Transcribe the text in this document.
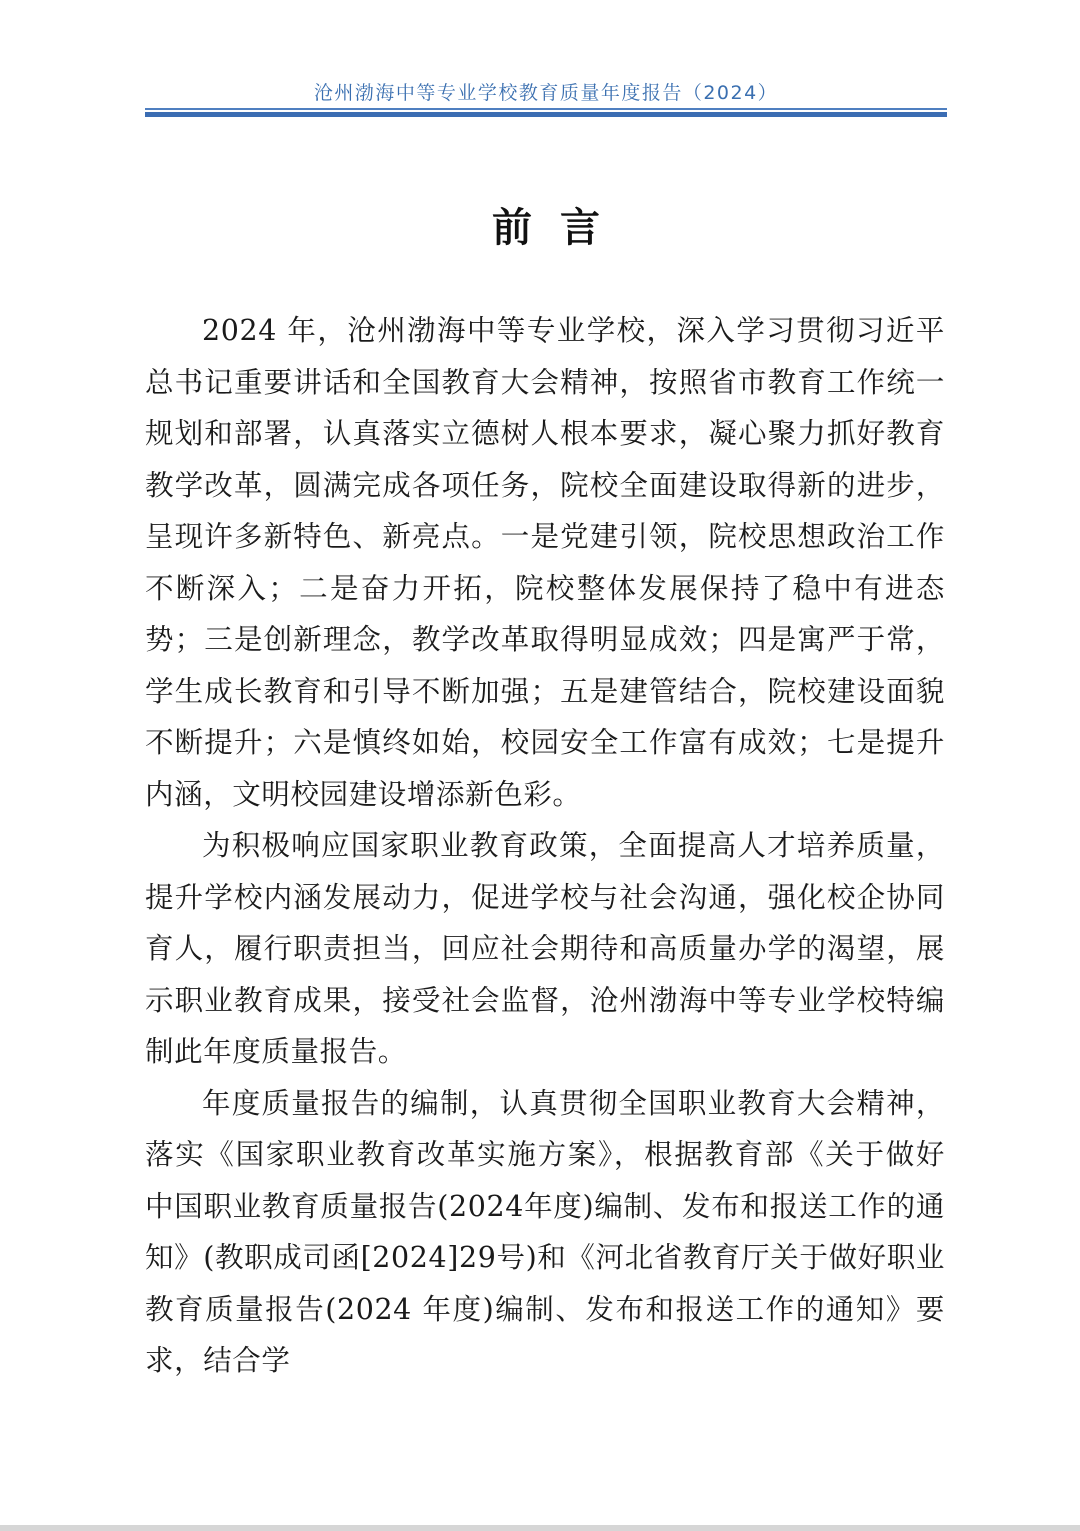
沧州渤海中等专业学校教育质量年度报告（2024）
前言

2024 年，沧州渤海中等专业学校，深入学习贯彻习近平总书记重要讲话和全国教育大会精神，按照省市教育工作统一规划和部署，认真落实立德树人根本要求，凝心聚力抓好教育教学改革，圆满完成各项任务，院校全面建设取得新的进步，呈现许多新特色、新亮点。一是党建引领，院校思想政治工作不断深入；二是奋力开拓，院校整体发展保持了稳中有进态势；三是创新理念，教学改革取得明显成效；四是寓严于常，学生成长教育和引导不断加强；五是建管结合，院校建设面貌不断提升；六是慎终如始，校园安全工作富有成效；七是提升内涵，文明校园建设增添新色彩。

为积极响应国家职业教育政策，全面提高人才培养质量，提升学校内涵发展动力，促进学校与社会沟通，强化校企协同育人，履行职责担当，回应社会期待和高质量办学的渴望，展示职业教育成果，接受社会监督，沧州渤海中等专业学校特编制此年度质量报告。

年度质量报告的编制，认真贯彻全国职业教育大会精神，落实《国家职业教育改革实施方案》，根据教育部《关于做好中国职业教育质量报告(2024年度)编制、发布和报送工作的通知》(教职成司函[2024]29号)和《河北省教育厅关于做好职业教育质量报告(2024 年度)编制、发布和报送工作的通知》要求，结合学
